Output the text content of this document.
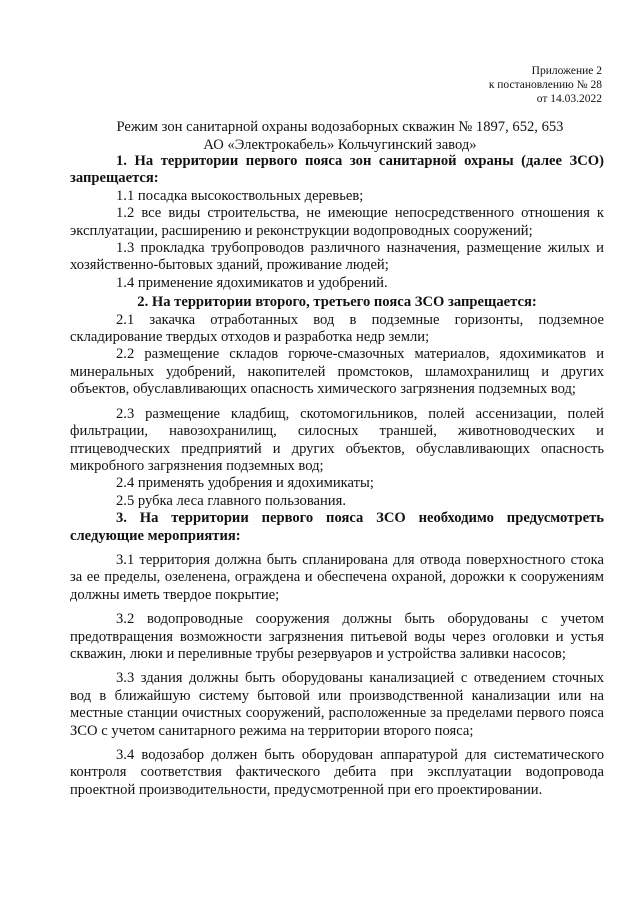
Приложение 2
к постановлению № 28
от 14.03.2022
Режим зон санитарной охраны водозаборных скважин № 1897, 652, 653
АО «Электрокабель» Кольчугинский завод»

1. На территории первого пояса зон санитарной охраны (далее ЗСО) запрещается:

1.1 посадка высокоствольных деревьев;

1.2 все виды строительства, не имеющие непосредственного отношения к эксплуатации, расширению и реконструкции водопроводных сооружений;

1.3 прокладка трубопроводов различного назначения, размещение жилых и хозяйственно-бытовых зданий, проживание людей;

1.4 применение ядохимикатов и удобрений.

2. На территории второго, третьего пояса ЗСО запрещается:

2.1 закачка отработанных вод в подземные горизонты, подземное складирование твердых отходов и разработка недр земли;

2.2 размещение складов горюче-смазочных материалов, ядохимикатов и минеральных удобрений, накопителей промстоков, шламохранилищ и других объектов, обуславливающих опасность химического загрязнения подземных вод;

2.3 размещение кладбищ, скотомогильников, полей ассенизации, полей фильтрации, навозохранилищ, силосных траншей, животноводческих и птицеводческих предприятий и других объектов, обуславливающих опасность микробного загрязнения подземных вод;

2.4 применять удобрения и ядохимикаты;

2.5 рубка леса главного пользования.

3. На территории первого пояса ЗСО необходимо предусмотреть следующие мероприятия:

3.1 территория должна быть спланирована для отвода поверхностного стока за ее пределы, озеленена, ограждена и обеспечена охраной, дорожки к сооружениям должны иметь твердое покрытие;

3.2 водопроводные сооружения должны быть оборудованы с учетом предотвращения возможности загрязнения питьевой воды через оголовки и устья скважин, люки и переливные трубы резервуаров и устройства заливки насосов;

3.3 здания должны быть оборудованы канализацией с отведением сточных вод в ближайшую систему бытовой или производственной канализации или на местные станции очистных сооружений, расположенные за пределами первого пояса ЗСО с учетом санитарного режима на территории второго пояса;

3.4 водозабор должен быть оборудован аппаратурой для систематического контроля соответствия фактического дебита при эксплуатации водопровода проектной производительности, предусмотренной при его проектировании.
